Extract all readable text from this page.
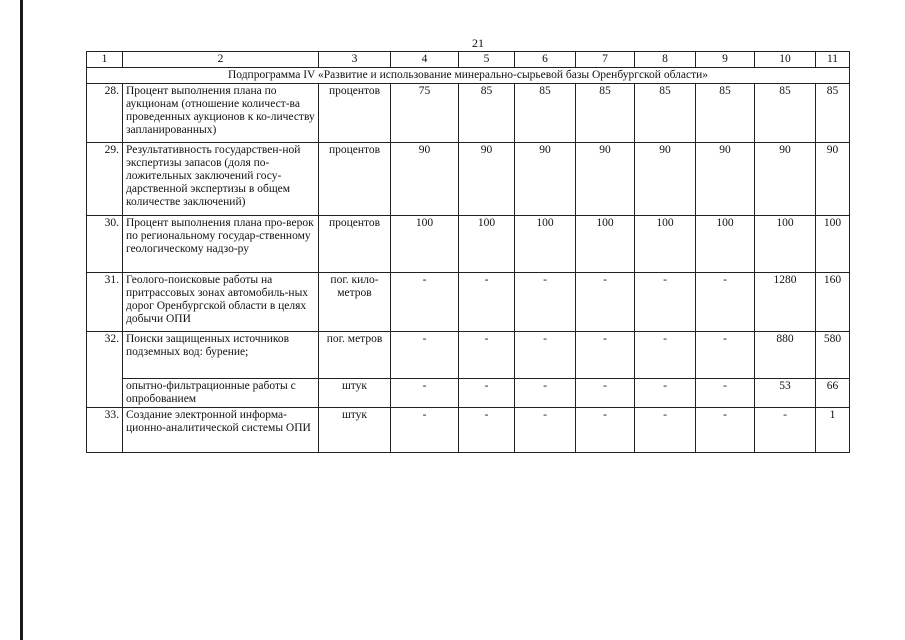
21
1	2	3	4	5	6	7	8	9	10	11
Подпрограмма IV «Развитие и использование минерально-сырьевой базы Оренбургской области»										
28.	Процент выполнения плана по аукционам (отношение количест-ва проведенных аукционов к ко-личеству запланированных)	процентов	75	85	85	85	85	85	85	85
29.	Результативность государствен-ной экспертизы запасов (доля по-ложительных заключений госу-дарственной экспертизы в общем количестве заключений)	процентов	90	90	90	90	90	90	90	90
30.	Процент выполнения плана про-верок по региональному государ-ственному геологическому надзо-ру	процентов	100	100	100	100	100	100	100	100
31.	Геолого-поисковые работы на притрассовых зонах автомобиль-ных дорог Оренбургской области в целях добычи ОПИ	пог. кило-метров	-	-	-	-	-	-	1280	160
32.	Поиски защищенных источников подземных вод: бурение;	пог. метров	-	-	-	-	-	-	880	580
	опытно-фильтрационные работы с опробованием	штук	-	-	-	-	-	-	53	66
33.	Создание электронной информа-ционно-аналитической системы ОПИ	штук	-	-	-	-	-	-	-	1
